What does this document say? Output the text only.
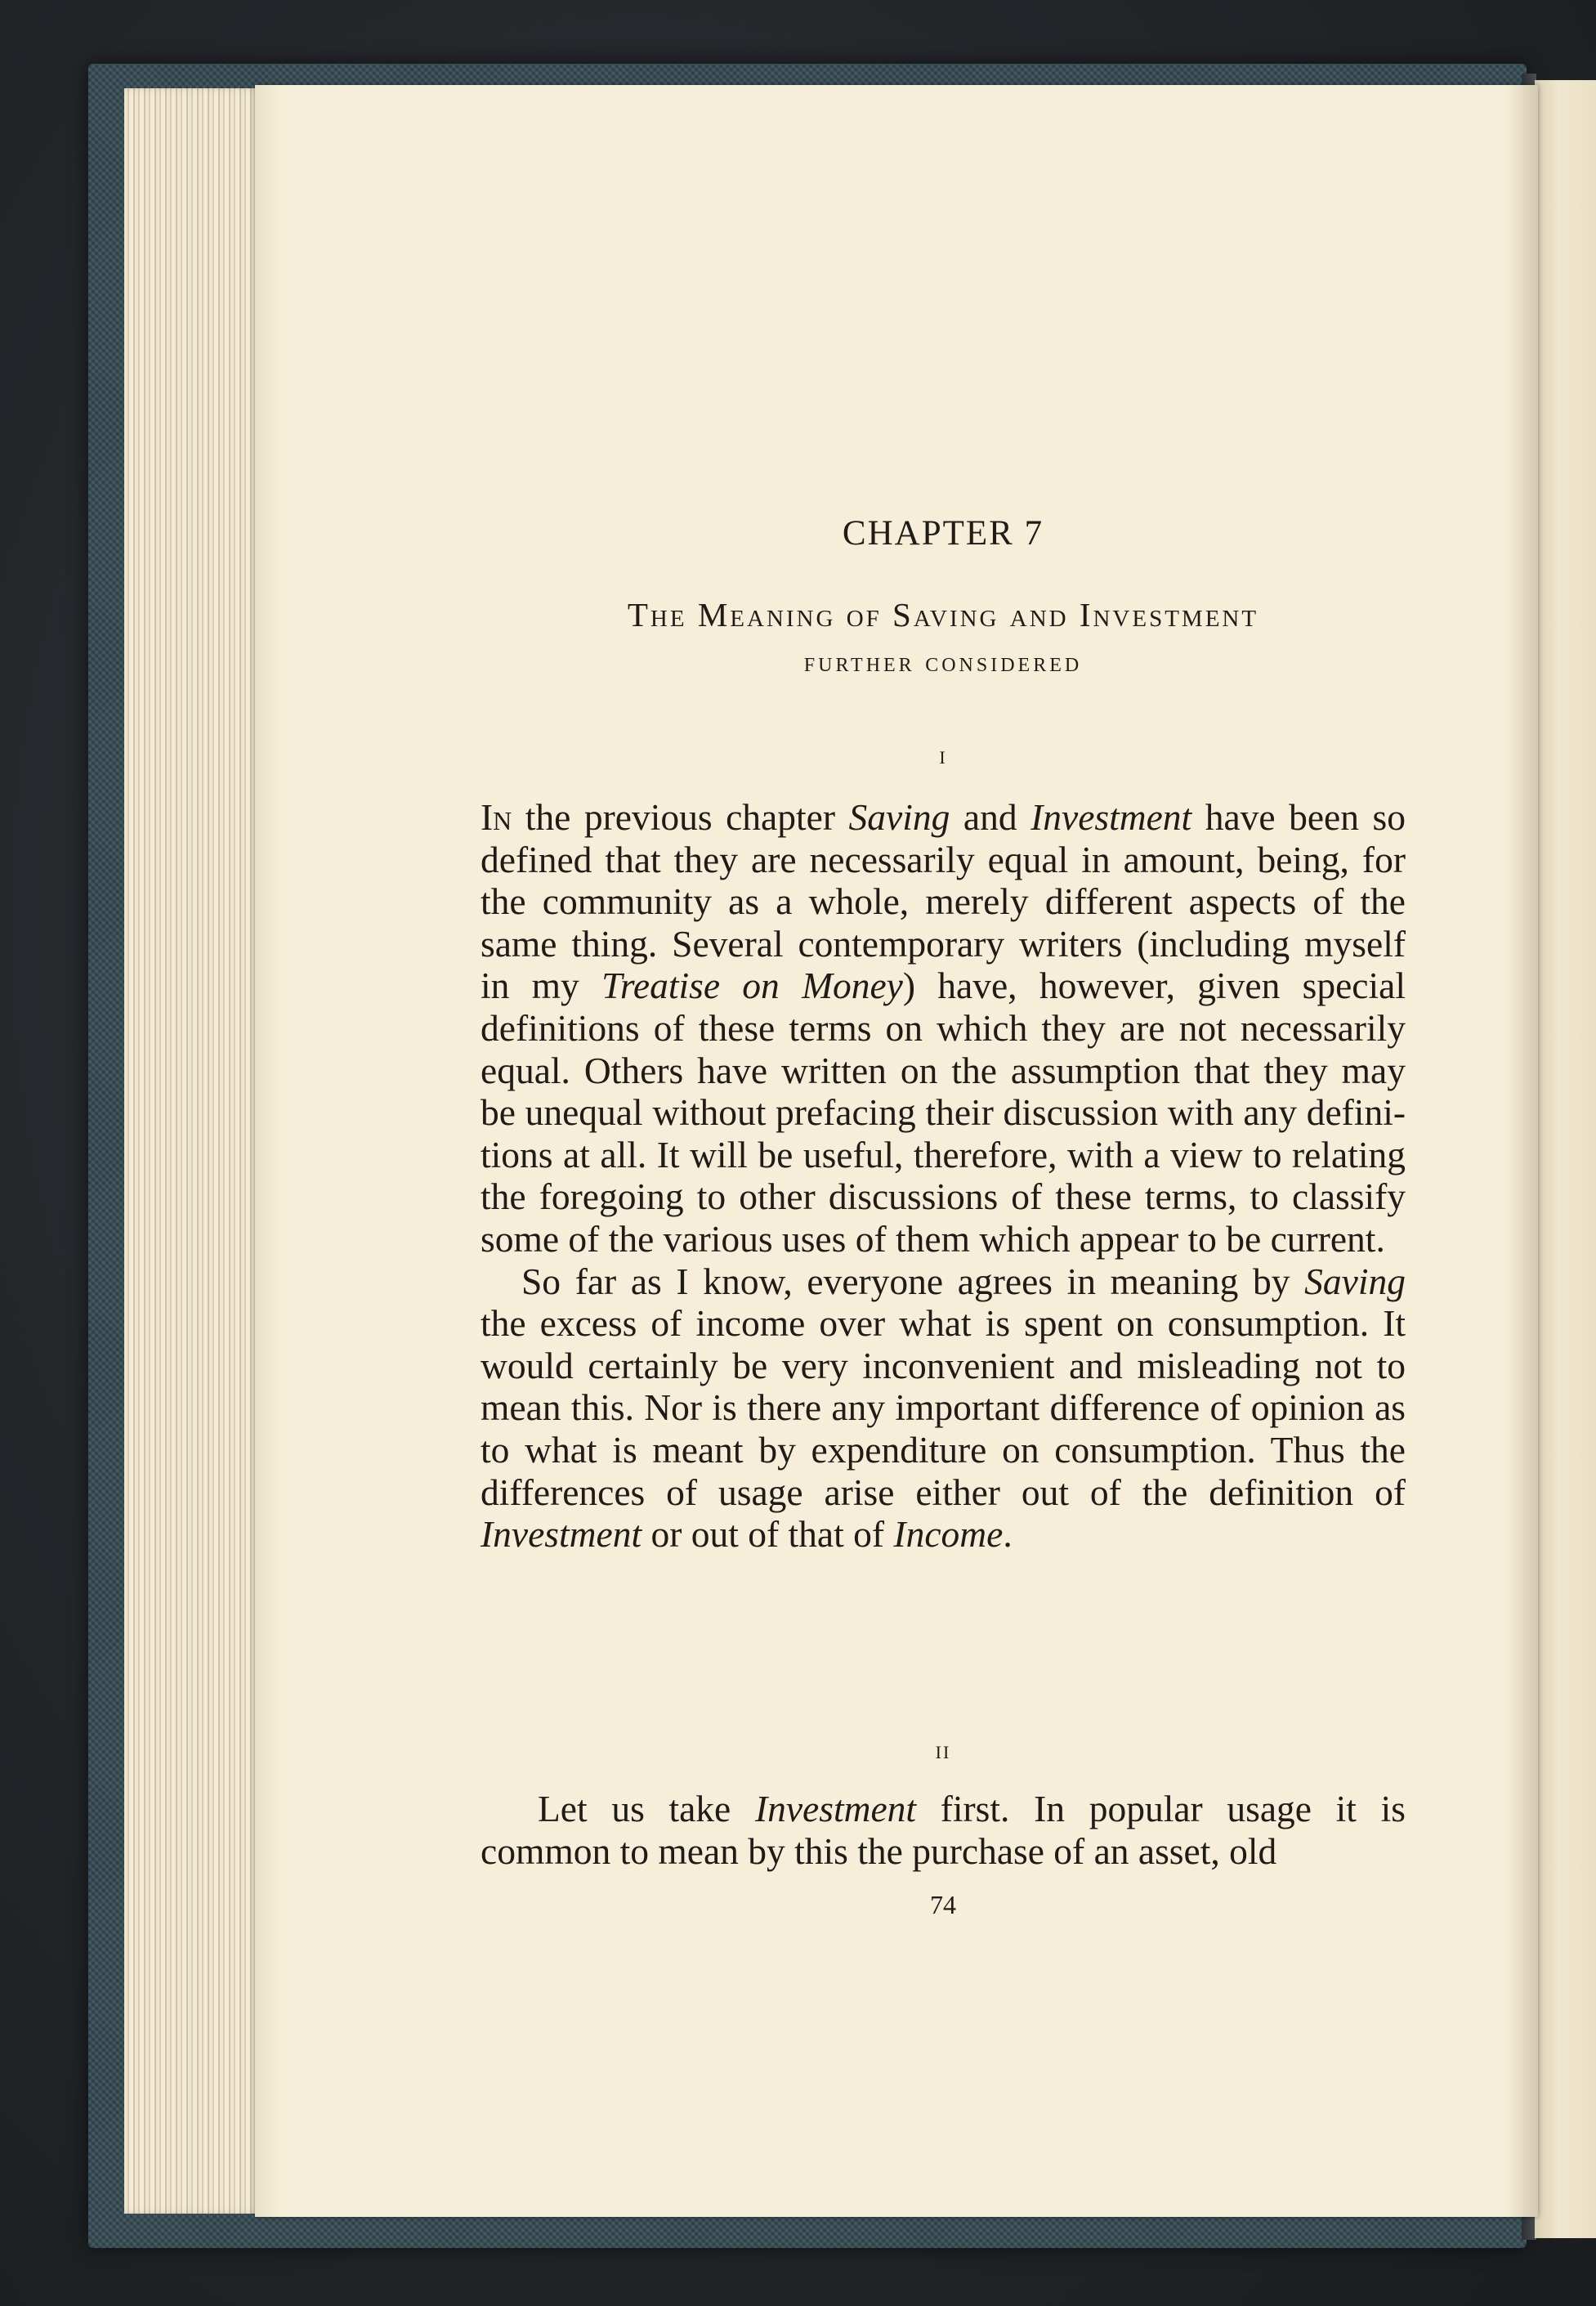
CHAPTER 7
The Meaning of Saving and Investment
further considered
i

In the previous chapter Saving and Investment have been so defined that they are necessarily equal in amount, being, for the community as a whole, merely different aspects of the same thing. Several contemporary writers (including myself in my Treatise on Money) have, however, given special definitions of these terms on which they are not necessarily equal. Others have written on the assumption that they may be unequal without prefacing their discussion with any definitions at all. It will be useful, therefore, with a view to relating the foregoing to other discussions of these terms, to classify some of the various uses of them which appear to be current.

So far as I know, everyone agrees in meaning by Saving the excess of income over what is spent on consumption. It would certainly be very inconvenient and misleading not to mean this. Nor is there any important difference of opinion as to what is meant by expenditure on consumption. Thus the differences of usage arise either out of the definition of Investment or out of that of Income.

ii

Let us take Investment first. In popular usage it is common to mean by this the purchase of an asset, old

74
